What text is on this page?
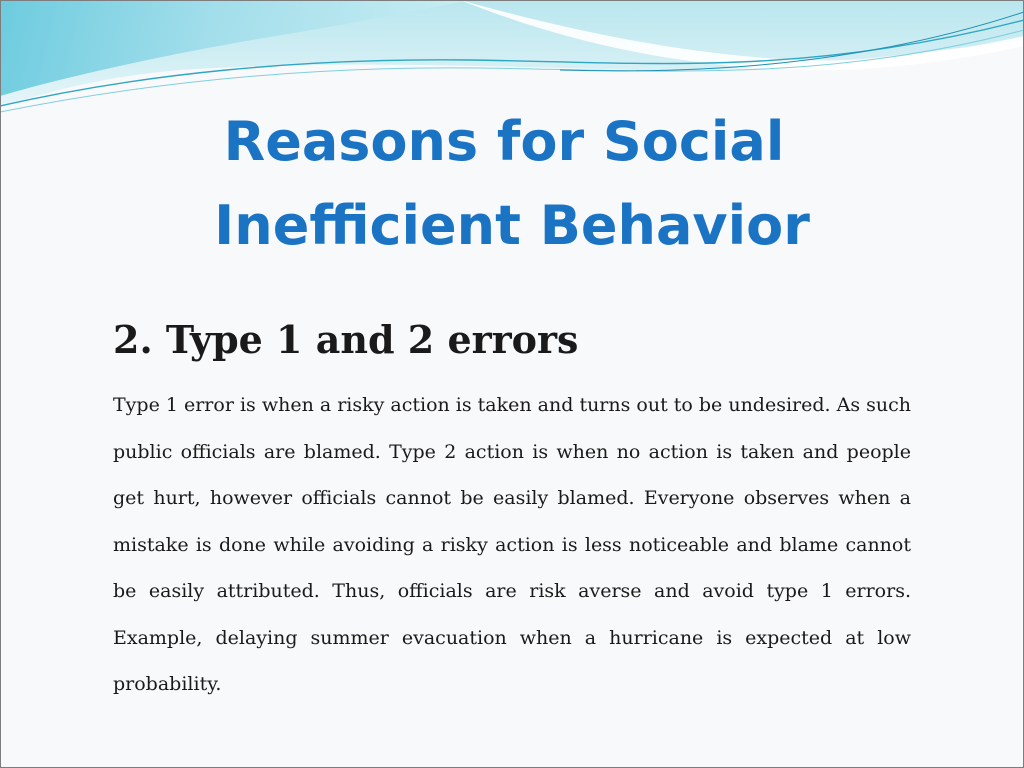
Reasons for Social
Inefficient Behavior
2. Type 1 and 2 errors

Type 1 error is when a risky action is taken and turns out to be undesired. As such public officials are blamed. Type 2 action is when no action is taken and people get hurt, however officials cannot be easily blamed. Everyone observes when a mistake is done while avoiding a risky action is less noticeable and blame cannot be easily attributed. Thus, officials are risk averse and avoid type 1 errors. Example, delaying summer evacuation when a hurricane is expected at low probability.
